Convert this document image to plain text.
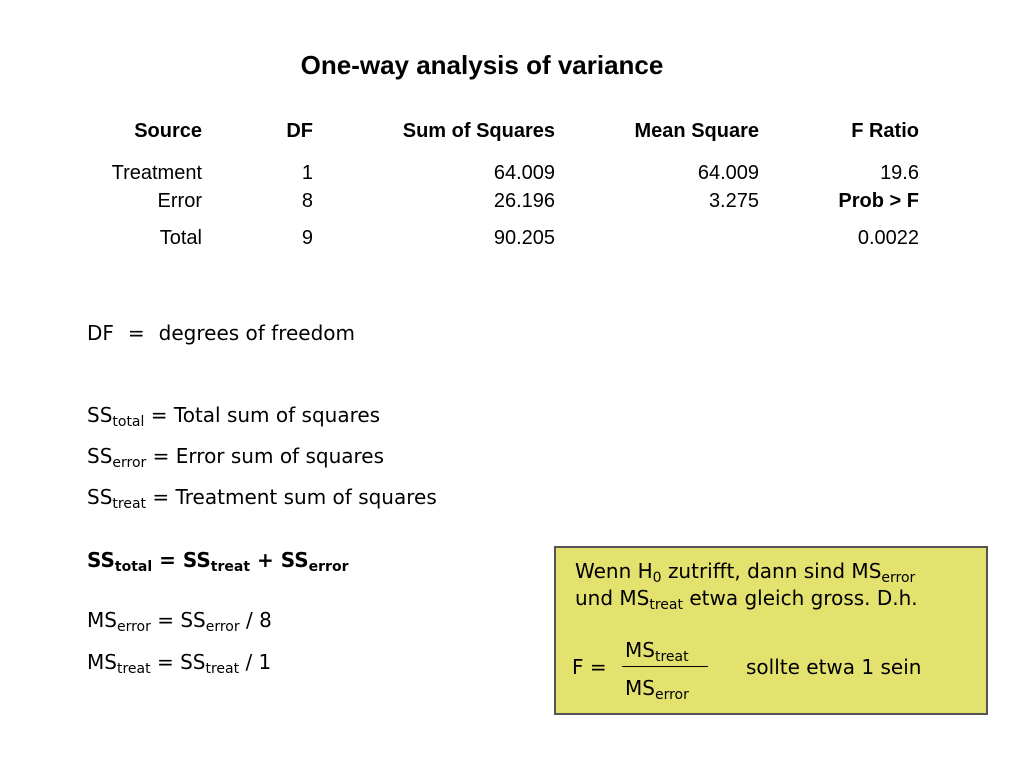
One-way analysis of variance
Source	DF	Sum of Squares	Mean Square	F Ratio
Treatment	1	64.009	64.009	19.6
Error	8	26.196	3.275	Prob > F
Total	9	90.205		0.0022
DF = degrees of freedom
$SS_{total}$ = Total sum of squares
$SS_{error}$ = Error sum of squares
$SS_{treat}$ = Treatment sum of squares
$SS_{total} = SS_{treat} + SS_{error}$
$MS_{error} = SS_{error} / 8$
$MS_{treat} = SS_{treat} / 1$
Wenn $H_0$ zutrifft, dann sind $MS_{error}$
und $MS_{treat}$ etwa gleich gross. D.h.
F =
$MS_{treat}$
$MS_{error}$
sollte etwa 1 sein
